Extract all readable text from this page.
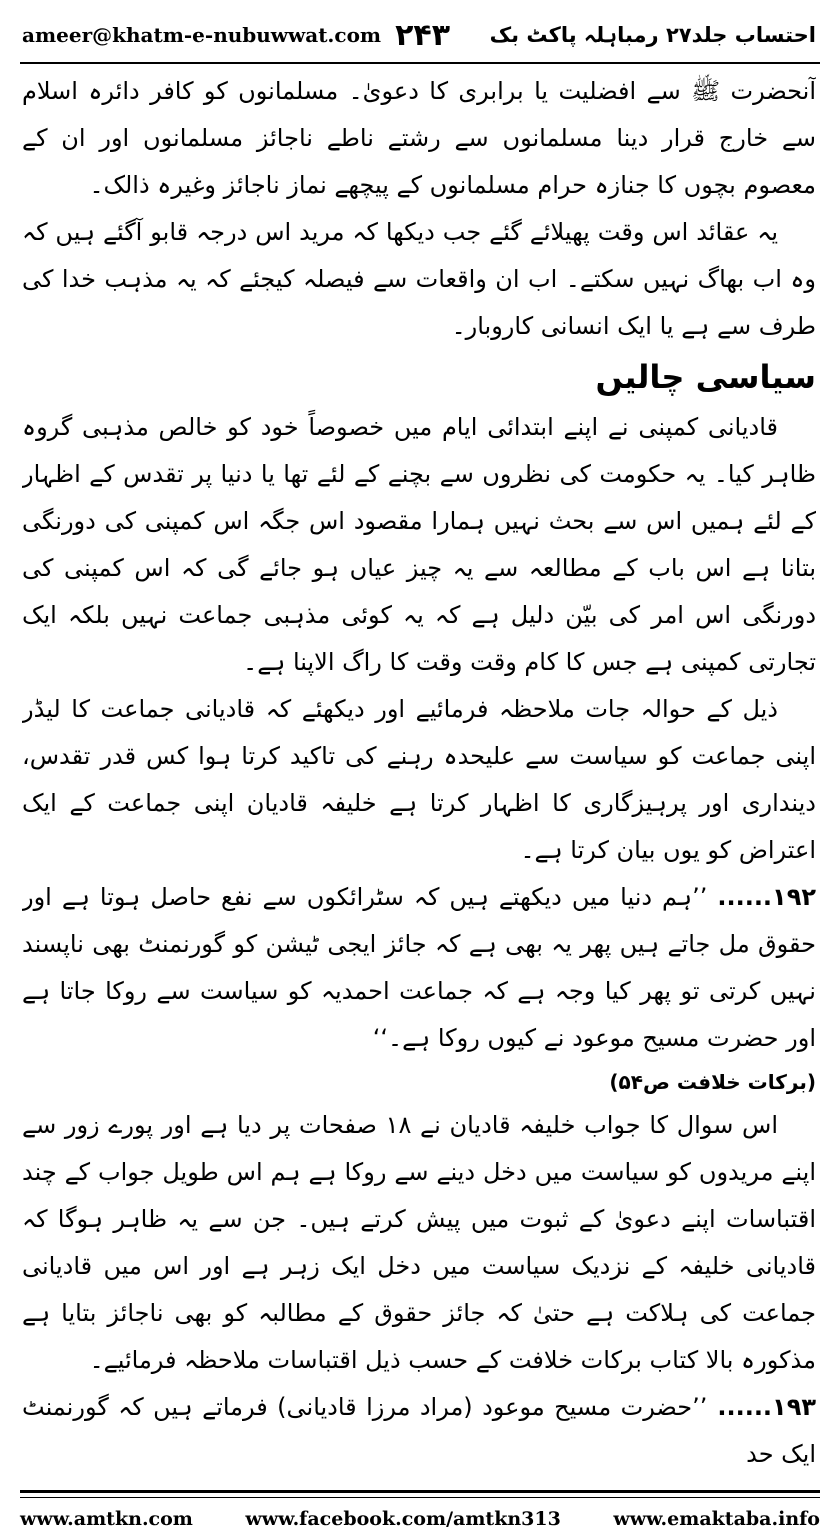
ameer@khatm-e-nubuwwat.com ۲۴۳ احتساب جلد۲۷ رمباہلہ پاکٹ بک

آنحضرت ﷺ سے افضلیت یا برابری کا دعویٰ۔ مسلمانوں کو کافر دائرہ اسلام سے خارج قرار دینا مسلمانوں سے رشتے ناطے ناجائز مسلمانوں اور ان کے معصوم بچوں کا جنازہ حرام مسلمانوں کے پیچھے نماز ناجائز وغیرہ ذالک۔

یہ عقائد اس وقت پھیلائے گئے جب دیکھا کہ مرید اس درجہ قابو آگئے ہیں کہ وہ اب بھاگ نہیں سکتے۔ اب ان واقعات سے فیصلہ کیجئے کہ یہ مذہب خدا کی طرف سے ہے یا ایک انسانی کاروبار۔

سیاسی چالیں

قادیانی کمپنی نے اپنے ابتدائی ایام میں خصوصاً خود کو خالص مذہبی گروہ ظاہر کیا۔ یہ حکومت کی نظروں سے بچنے کے لئے تھا یا دنیا پر تقدس کے اظہار کے لئے ہمیں اس سے بحث نہیں ہمارا مقصود اس جگہ اس کمپنی کی دورنگی بتانا ہے اس باب کے مطالعہ سے یہ چیز عیاں ہو جائے گی کہ اس کمپنی کی دورنگی اس امر کی بیّن دلیل ہے کہ یہ کوئی مذہبی جماعت نہیں بلکہ ایک تجارتی کمپنی ہے جس کا کام وقت وقت کا راگ الاپنا ہے۔

ذیل کے حوالہ جات ملاحظہ فرمائیے اور دیکھئے کہ قادیانی جماعت کا لیڈر اپنی جماعت کو سیاست سے علیحدہ رہنے کی تاکید کرتا ہوا کس قدر تقدس، دینداری اور پرہیزگاری کا اظہار کرتا ہے خلیفہ قادیان اپنی جماعت کے ایک اعتراض کو یوں بیان کرتا ہے۔

۱۹۲......’’ہم دنیا میں دیکھتے ہیں کہ سٹرائکوں سے نفع حاصل ہوتا ہے اور حقوق مل جاتے ہیں پھر یہ بھی ہے کہ جائز ایجی ٹیشن کو گورنمنٹ بھی ناپسند نہیں کرتی تو پھر کیا وجہ ہے کہ جماعت احمدیہ کو سیاست سے روکا جاتا ہے اور حضرت مسیح موعود نے کیوں روکا ہے۔‘‘

(برکات خلافت ص۵۴)

اس سوال کا جواب خلیفہ قادیان نے ۱۸ صفحات پر دیا ہے اور پورے زور سے اپنے مریدوں کو سیاست میں دخل دینے سے روکا ہے ہم اس طویل جواب کے چند اقتباسات اپنے دعویٰ کے ثبوت میں پیش کرتے ہیں۔ جن سے یہ ظاہر ہوگا کہ قادیانی خلیفہ کے نزدیک سیاست میں دخل ایک زہر ہے اور اس میں قادیانی جماعت کی ہلاکت ہے حتیٰ کہ جائز حقوق کے مطالبہ کو بھی ناجائز بتایا ہے مذکورہ بالا کتاب برکات خلافت کے حسب ذیل اقتباسات ملاحظہ فرمائیے۔

۱۹۳......’’حضرت مسیح موعود (مراد مرزا قادیانی) فرماتے ہیں کہ گورنمنٹ ایک حد

www.amtkn.com	www.facebook.com/amtkn313	www.emaktaba.info
